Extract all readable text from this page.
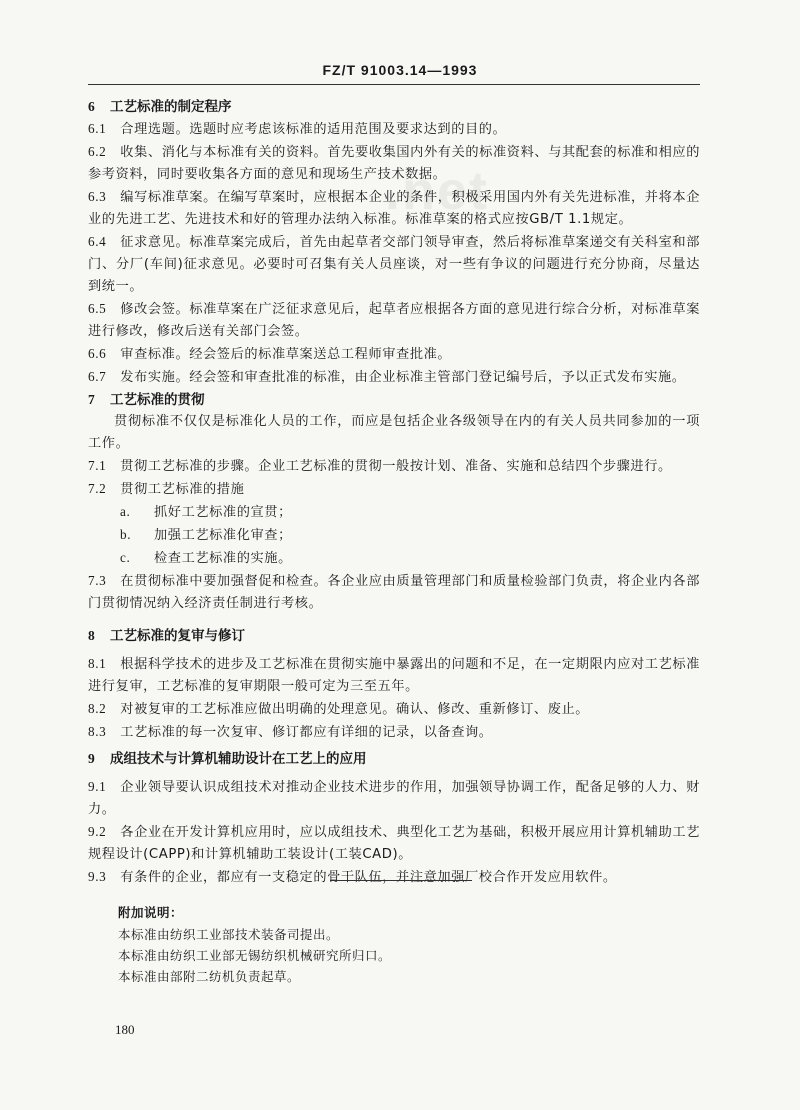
.net
FZ/T 91003.14—1993
6 工艺标准的制定程序

6.1 合理选题。选题时应考虑该标准的适用范围及要求达到的目的。

6.2 收集、消化与本标准有关的资料。首先要收集国内外有关的标准资料、与其配套的标准和相应的参考资料，同时要收集各方面的意见和现场生产技术数据。

6.3 编写标准草案。在编写草案时，应根据本企业的条件，积极采用国内外有关先进标准，并将本企业的先进工艺、先进技术和好的管理办法纳入标准。标准草案的格式应按GB/T 1.1规定。

6.4 征求意见。标准草案完成后，首先由起草者交部门领导审查，然后将标准草案递交有关科室和部门、分厂(车间)征求意见。必要时可召集有关人员座谈，对一些有争议的问题进行充分协商，尽量达到统一。

6.5 修改会签。标准草案在广泛征求意见后，起草者应根据各方面的意见进行综合分析，对标准草案进行修改，修改后送有关部门会签。

6.6 审查标准。经会签后的标准草案送总工程师审查批准。

6.7 发布实施。经会签和审查批准的标准，由企业标准主管部门登记编号后，予以正式发布实施。

7 工艺标准的贯彻

贯彻标准不仅仅是标准化人员的工作，而应是包括企业各级领导在内的有关人员共同参加的一项工作。

7.1 贯彻工艺标准的步骤。企业工艺标准的贯彻一般按计划、准备、实施和总结四个步骤进行。

7.2 贯彻工艺标准的措施

a. 抓好工艺标准的宣贯；
b. 加强工艺标准化审查；
c. 检查工艺标准的实施。

7.3 在贯彻标准中要加强督促和检查。各企业应由质量管理部门和质量检验部门负责，将企业内各部门贯彻情况纳入经济责任制进行考核。

8 工艺标准的复审与修订

8.1 根据科学技术的进步及工艺标准在贯彻实施中暴露出的问题和不足，在一定期限内应对工艺标准进行复审，工艺标准的复审期限一般可定为三至五年。

8.2 对被复审的工艺标准应做出明确的处理意见。确认、修改、重新修订、废止。

8.3 工艺标准的每一次复审、修订都应有详细的记录，以备查询。

9 成组技术与计算机辅助设计在工艺上的应用

9.1 企业领导要认识成组技术对推动企业技术进步的作用，加强领导协调工作，配备足够的人力、财力。

9.2 各企业在开发计算机应用时，应以成组技术、典型化工艺为基础，积极开展应用计算机辅助工艺规程设计(CAPP)和计算机辅助工装设计(工装CAD)。

9.3 有条件的企业，都应有一支稳定的骨干队伍，并注意加强厂校合作开发应用软件。

附加说明：

本标准由纺织工业部技术装备司提出。

本标准由纺织工业部无锡纺织机械研究所归口。

本标准由部附二纺机负责起草。

180
